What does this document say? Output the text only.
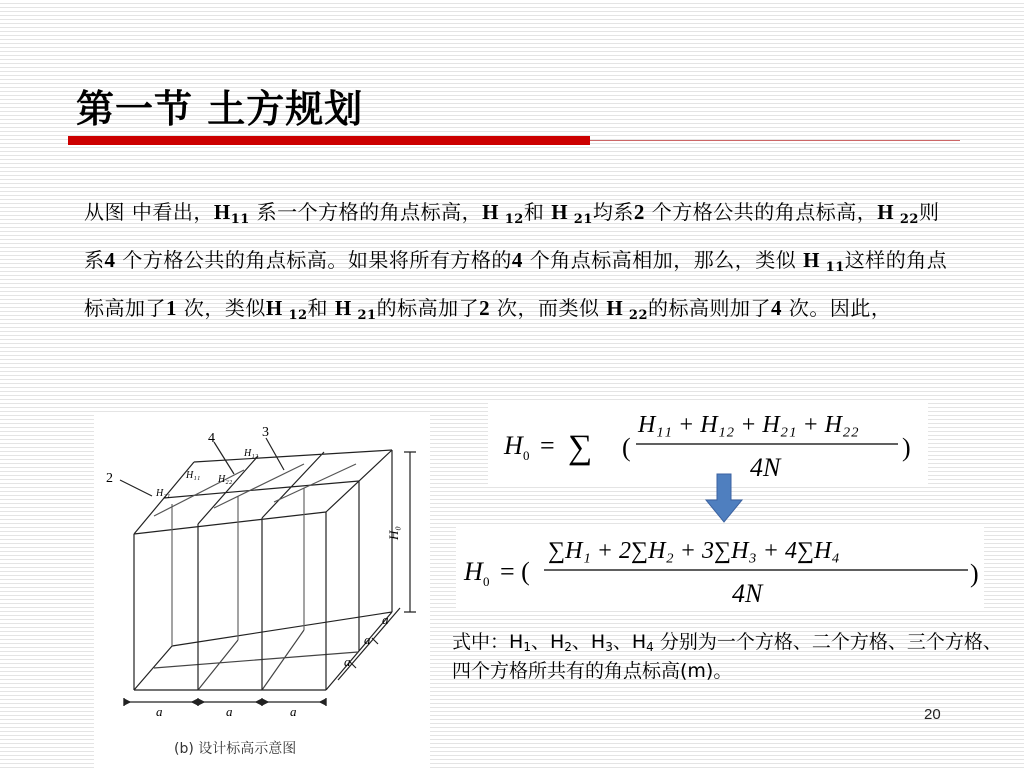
第一节 土方规划
从图 中看出，$H_{11}$ 系一个方格的角点标高，H $_{12}$和 H $_{21}$均系2 个方格公共的角点标高，H $_{22}$则系4 个方格公共的角点标高。如果将所有方格的4 个角点标高相加，那么，类似 H $_{11}$这样的角点标高加了1 次，类似H $_{12}$和 H $_{21}$的标高加了2 次，而类似 H $_{22}$的标高则加了4 次。因此，
2
4	3
H₂₁
H₁₁ H₂₂
H₁₂
H₀
a	a	a
a
a
a
(b) 设计标高示意图
H 0 = ∑ (
H₁₁ + H₁₂ + H₂₁ + H₂₂
4N
)
H 0 = (
∑H₁ + 2∑H₂ + 3∑H₃ + 4∑H₄
4N
)
式中：$H_1$、$H_2$、$H_3$、$H_4$ 分别为一个方格、二个方格、三个方格、四个方格所共有的角点标高(m)。
20
